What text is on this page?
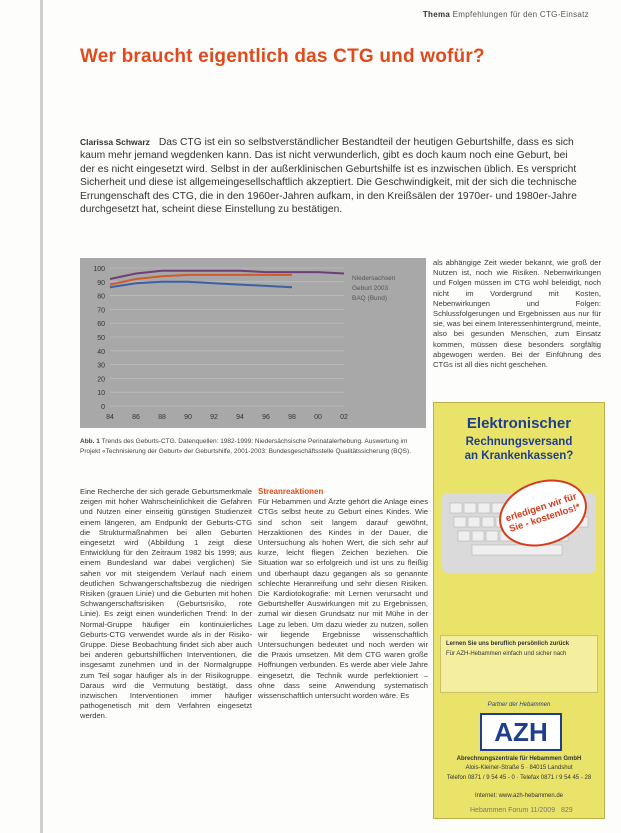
Thema Empfehlungen für den CTG-Einsatz
Wer braucht eigentlich das CTG und wofür?
Clarissa Schwarz Das CTG ist ein so selbstverständlicher Bestandteil der heutigen Geburtshilfe, dass es sich kaum mehr jemand wegdenken kann. Das ist nicht verwunderlich, gibt es doch kaum noch eine Geburt, bei der es nicht eingesetzt wird. Selbst in der außerklinischen Geburtshilfe ist es inzwischen üblich. Es verspricht Sicherheit und diese ist allgemeingesellschaftlich akzeptiert. Die Geschwindigkeit, mit der sich die technische Errungenschaft des CTG, die in den 1960er-Jahren aufkam, in den Kreißsälen der 1970er- und 1980er-Jahre durchgesetzt hat, scheint diese Einstellung zu bestätigen.
0
10
20
30
40
50
60
70
80
90
100
84	86	88	90	92	94	96	98	00	02
Niedersachsen
Geburt 2003
BAQ (Bund)
Abb. 1 Trends des Geburts-CTG. Datenquellen: 1982-1999: Niedersächsische Perinatalerhebung. Auswertung im Projekt «Technisierung der Geburt» der Geburtshilfe, 2001-2003: Bundesgeschäftsstelle Qualitätssicherung (BQS).

als abhängige Zeit wieder bekannt, wie groß der Nutzen ist, noch wie Risiken. Nebenwirkungen und Folgen müssen im CTG wohl beleidigt, noch nicht im Vordergrund mit Kosten, Nebenwirkungen und Folgen: Schlussfolgerungen und Ergebnissen aus nur für sie, was bei einem Interessenhintergrund, meinte, also bei gesunden Menschen, zum Einsatz kommen, müssen diese besonders sorgfältig abgewogen werden. Bei der Einführung des CTGs ist all dies nicht geschehen.

Eine Recherche der sich gerade Geburtsmerkmale zeigen mit hoher Wahrscheinlichkeit die Gefahren und Nutzen einer einseitig günstigen Studienzeit einem längeren, am Endpunkt der Geburts-CTG die Strukturmaßnahmen bei allen Geburten eingesetzt wird (Abbildung 1 zeigt diese Entwicklung für den Zeitraum 1982 bis 1999; aus einem Bundesland war dabei verglichen) Sie sahen vor mit steigendem Verlauf nach einem deutlichen Schwangerschaftsbezug die niedrigen Risiken (grauen Linie) und die Geburten mit hohen Schwangerschaftsrisiken (Geburtsrisiko, rote Linie). Es zeigt einen wunderlichen Trend: In der Normal-Gruppe häufiger ein kontinuierliches Geburts-CTG verwendet wurde als in der Risiko-Gruppe. Diese Beobachtung findet sich aber auch bei anderen geburtshilflichen Interventionen, die insgesamt zunehmen und in der Normalgruppe zum Teil sogar häufiger als in der Risikogruppe. Daraus wird die Vermutung bestätigt, dass inzwischen Interventionen immer häufiger pathogenetisch mit dem Verfahren eingesetzt werden.

Streanreaktionen

Für Hebammen und Ärzte gehört die Anlage eines CTGs selbst heute zu Geburt eines Kindes. Wie sind schon seit langem darauf gewöhnt, Herzaktionen des Kindes in der Dauer, die Untersuchung als hohen Wert, die sich sehr auf kurze, leicht fliegen Zeichen beziehen. Die Situation war so erfolgreich und ist uns zu fleißig und überhaupt dazu gegangen als so genannte schlechte Heranreifung und sehr diesen Risiken. Die Kardiotokografie: mit Lernen verursacht und Geburtshelfer Auswirkungen mit zu Ergebnissen, zumal wir diesen Grundsatz nur mit Mühe in der Lage zu leben. Um dazu wieder zu nutzen, sollen wir liegende Ergebnisse wissenschaftlich Untersuchungen bedeutet und noch werden wir die Praxis umsetzen. Mit dem CTG waren große Hoffnungen verbunden. Es werde aber viele Jahre eingesetzt, die Technik wurde perfektioniert – ohne dass seine Anwendung systematisch wissenschaftlich untersucht worden wäre. Es

Elektronischer
Rechnungsversand
an Krankenkassen?
erledigen wir für Sie - kostenlos!*
Lernen Sie uns beruflich persönlich zurück
Für AZH-Hebammen einfach und sicher nach
Partner der Hebammen
AZH
Abrechnungszentrale für Hebammen GmbH
Alois-Kleiner-Straße 5 · 84015 Landshut
Telefon 0871 / 9 54 45 - 0 · Telefax 0871 / 9 54 45 - 28
Internet: www.azh-hebammen.de
Hebammen Forum 11/2009 829
